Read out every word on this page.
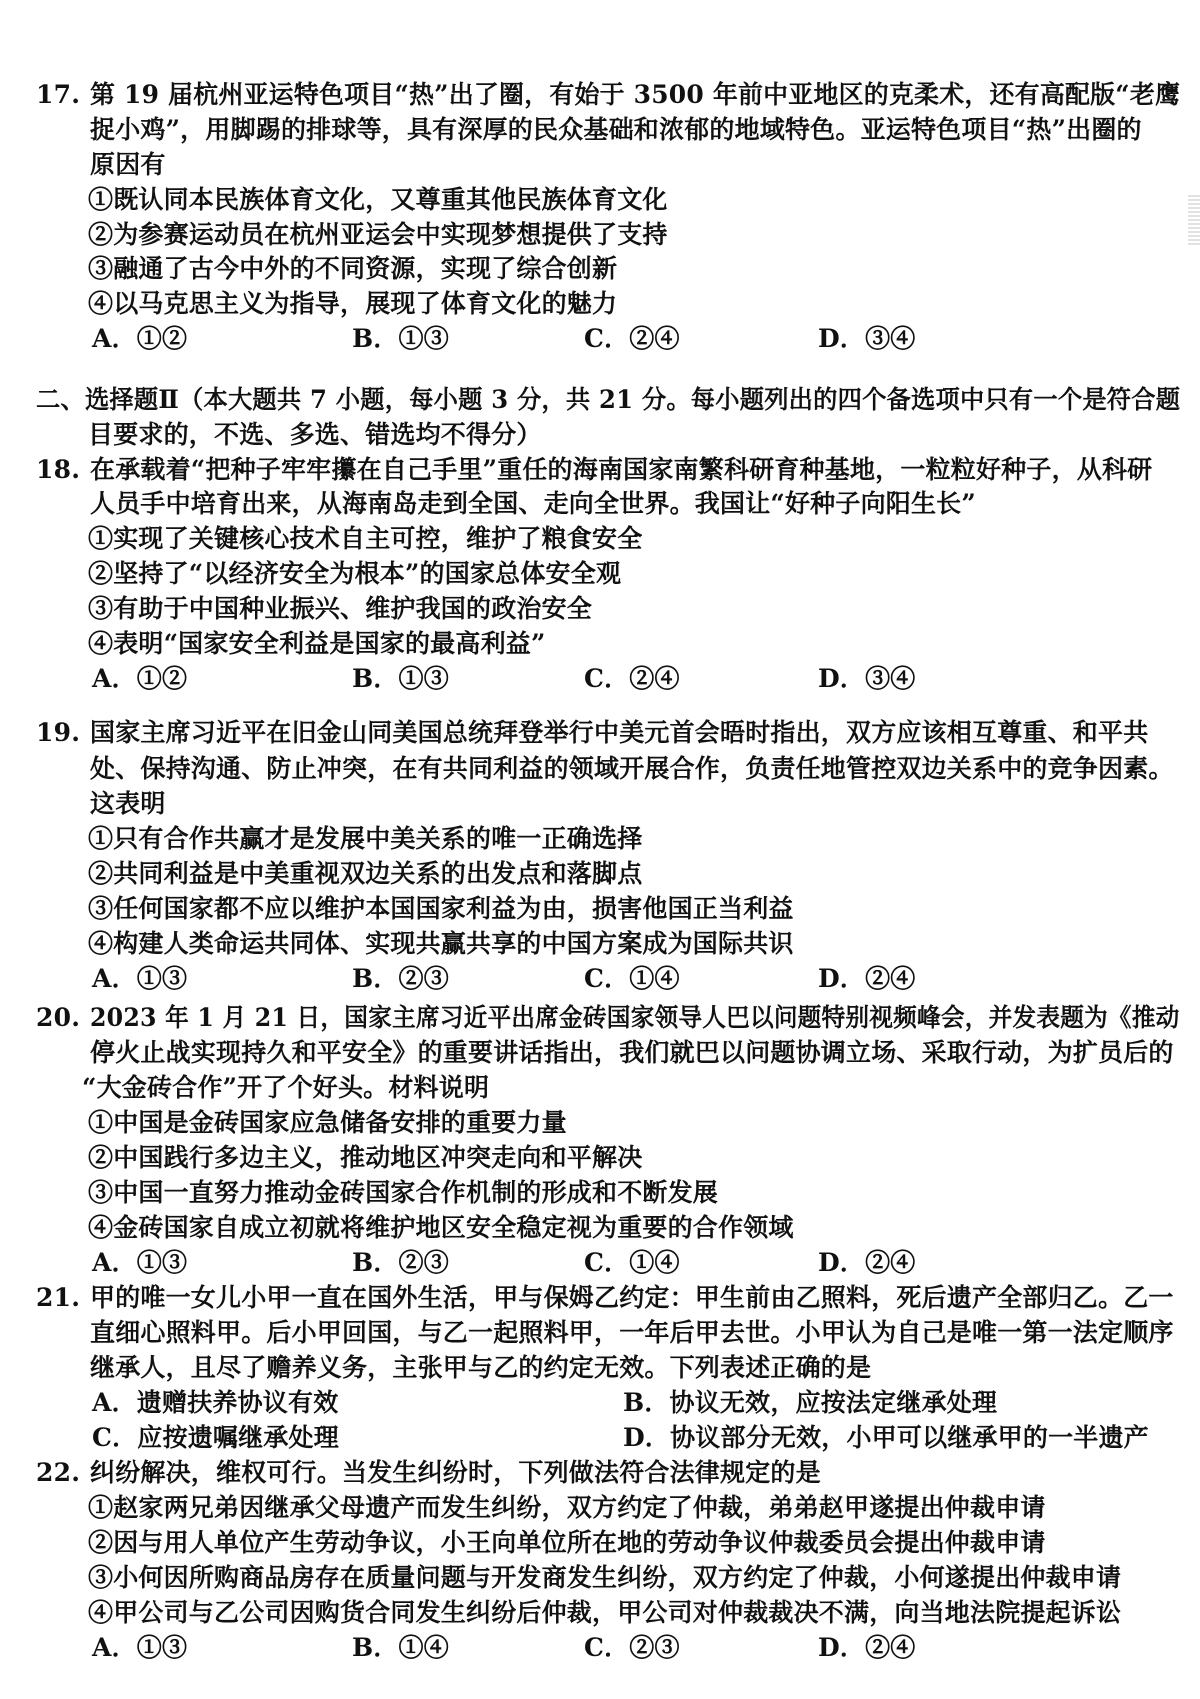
17. 第 19 届杭州亚运特色项目“热”出了圈，有始于 3500 年前中亚地区的克柔术，还有高配版“老鹰
捉小鸡”，用脚踢的排球等，具有深厚的民众基础和浓郁的地域特色。亚运特色项目“热”出圈的
原因有
①既认同本民族体育文化，又尊重其他民族体育文化
②为参赛运动员在杭州亚运会中实现梦想提供了支持
③融通了古今中外的不同资源，实现了综合创新
④以马克思主义为指导，展现了体育文化的魅力
A．①②	B．①③	C．②④	D．③④
二、选择题Ⅱ（本大题共 7 小题，每小题 3 分，共 21 分。每小题列出的四个备选项中只有一个是符合题
目要求的，不选、多选、错选均不得分）
18. 在承载着“把种子牢牢攥在自己手里”重任的海南国家南繁科研育种基地，一粒粒好种子，从科研
人员手中培育出来，从海南岛走到全国、走向全世界。我国让“好种子向阳生长”
①实现了关键核心技术自主可控，维护了粮食安全
②坚持了“以经济安全为根本”的国家总体安全观
③有助于中国种业振兴、维护我国的政治安全
④表明“国家安全利益是国家的最高利益”
A．①②	B．①③	C．②④	D．③④
19. 国家主席习近平在旧金山同美国总统拜登举行中美元首会晤时指出，双方应该相互尊重、和平共
处、保持沟通、防止冲突，在有共同利益的领域开展合作，负责任地管控双边关系中的竞争因素。
这表明
①只有合作共赢才是发展中美关系的唯一正确选择
②共同利益是中美重视双边关系的出发点和落脚点
③任何国家都不应以维护本国国家利益为由，损害他国正当利益
④构建人类命运共同体、实现共赢共享的中国方案成为国际共识
A．①③	B．②③	C．①④	D．②④
20. 2023 年 1 月 21 日，国家主席习近平出席金砖国家领导人巴以问题特别视频峰会，并发表题为《推动
停火止战实现持久和平安全》的重要讲话指出，我们就巴以问题协调立场、采取行动，为扩员后的
“大金砖合作”开了个好头。材料说明
①中国是金砖国家应急储备安排的重要力量
②中国践行多边主义，推动地区冲突走向和平解决
③中国一直努力推动金砖国家合作机制的形成和不断发展
④金砖国家自成立初就将维护地区安全稳定视为重要的合作领域
A．①③	B．②③	C．①④	D．②④
21. 甲的唯一女儿小甲一直在国外生活，甲与保姆乙约定：甲生前由乙照料，死后遗产全部归乙。乙一
直细心照料甲。后小甲回国，与乙一起照料甲，一年后甲去世。小甲认为自己是唯一第一法定顺序
继承人，且尽了赡养义务，主张甲与乙的约定无效。下列表述正确的是
A．遗赠扶养协议有效	B．协议无效，应按法定继承处理
C．应按遗嘱继承处理	D．协议部分无效，小甲可以继承甲的一半遗产
22. 纠纷解决，维权可行。当发生纠纷时，下列做法符合法律规定的是
①赵家两兄弟因继承父母遗产而发生纠纷，双方约定了仲裁，弟弟赵甲遂提出仲裁申请
②因与用人单位产生劳动争议，小王向单位所在地的劳动争议仲裁委员会提出仲裁申请
③小何因所购商品房存在质量问题与开发商发生纠纷，双方约定了仲裁，小何遂提出仲裁申请
④甲公司与乙公司因购货合同发生纠纷后仲裁，甲公司对仲裁裁决不满，向当地法院提起诉讼
A．①③	B．①④	C．②③	D．②④
